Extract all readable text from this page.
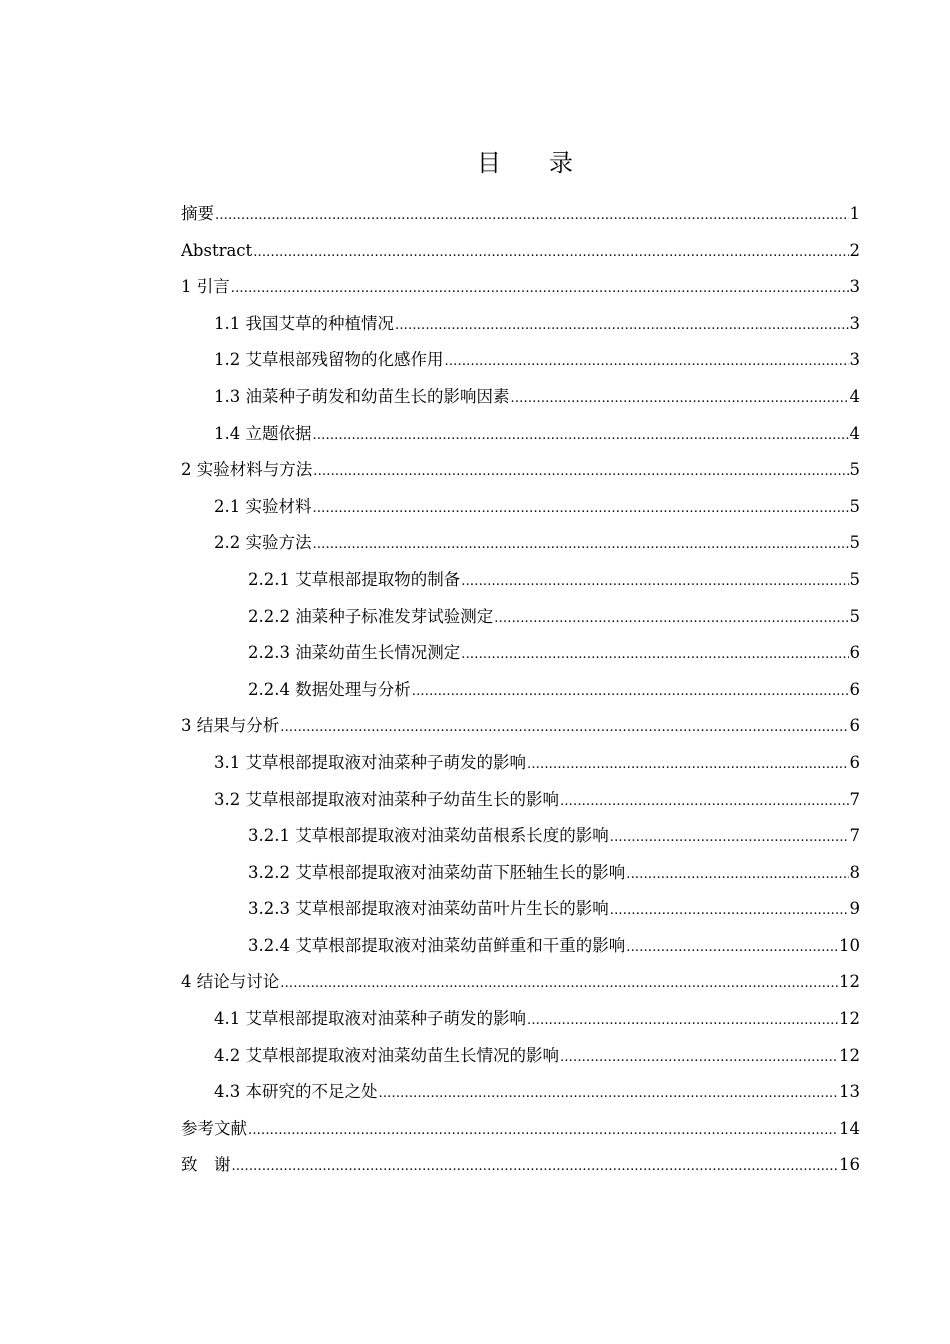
目 录
摘要 .....	1
Abstract .....	2
1 引言 .....	3
1.1 我国艾草的种植情况 .....	3
1.2 艾草根部残留物的化感作用 .....	3
1.3 油菜种子萌发和幼苗生长的影响因素 .....	4
1.4 立题依据 .....	4
2 实验材料与方法 .....	5
2.1 实验材料 .....	5
2.2 实验方法 .....	5
2.2.1 艾草根部提取物的制备 .....	5
2.2.2 油菜种子标准发芽试验测定 .....	5
2.2.3 油菜幼苗生长情况测定 .....	6
2.2.4 数据处理与分析 .....	6
3 结果与分析 .....	6
3.1 艾草根部提取液对油菜种子萌发的影响 .....	6
3.2 艾草根部提取液对油菜种子幼苗生长的影响 .....	7
3.2.1 艾草根部提取液对油菜幼苗根系长度的影响 .....	7
3.2.2 艾草根部提取液对油菜幼苗下胚轴生长的影响 .....	8
3.2.3 艾草根部提取液对油菜幼苗叶片生长的影响 .....	9
3.2.4 艾草根部提取液对油菜幼苗鲜重和干重的影响 .....	10
4 结论与讨论 .....	12
4.1 艾草根部提取液对油菜种子萌发的影响 .....	12
4.2 艾草根部提取液对油菜幼苗生长情况的影响 .....	12
4.3 本研究的不足之处 .....	13
参考文献 .....	14
致　谢 .....	16
